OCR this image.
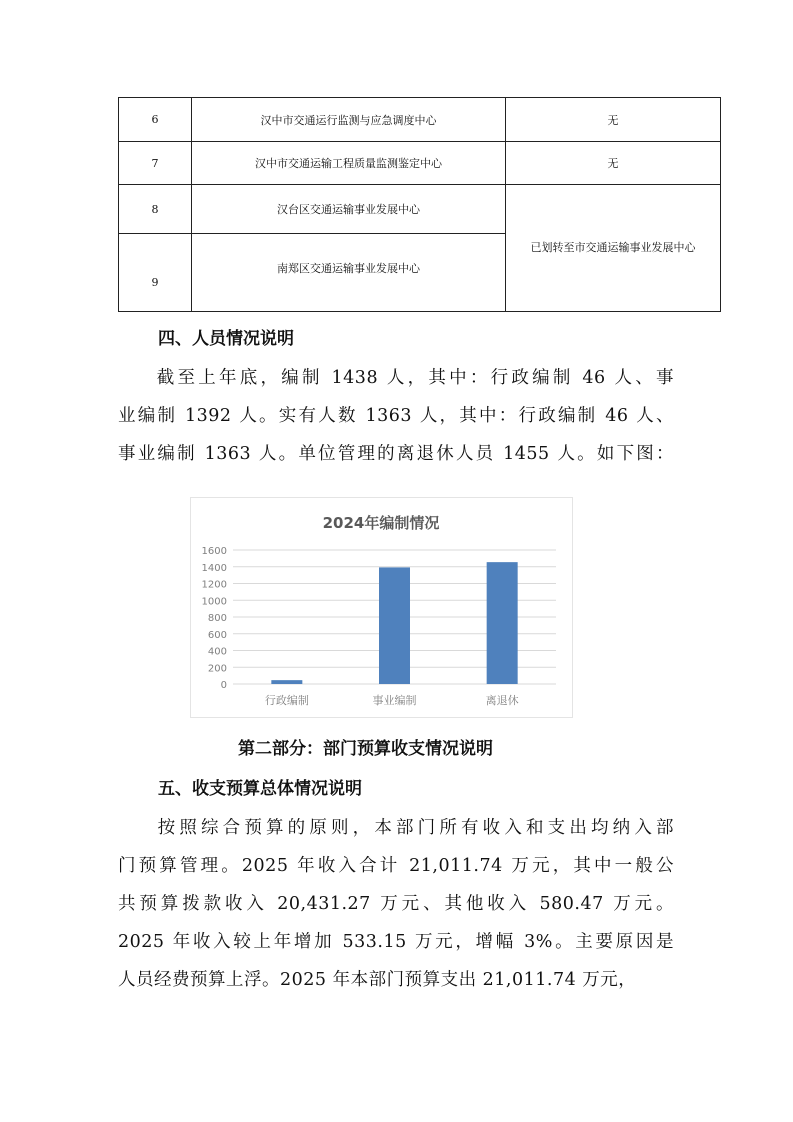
6	汉中市交通运行监测与应急调度中心	无
7	汉中市交通运输工程质量监测鉴定中心	无
8	汉台区交通运输事业发展中心	已划转至市交通运输事业发展中心
9	南郑区交通运输事业发展中心	
四、人员情况说明
截至上年底，编制 1438 人，其中：行政编制 46 人、事
业编制 1392 人。实有人数 1363 人，其中：行政编制 46 人、
事业编制 1363 人。单位管理的离退休人员 1455 人。如下图：
2024年编制情况
0
200
400
600
800
1000
1200
1400
1600
行政编制	事业编制	离退休
第二部分：部门预算收支情况说明
五、收支预算总体情况说明
按照综合预算的原则，本部门所有收入和支出均纳入部
门预算管理。2025 年收入合计 21,011.74 万元，其中一般公
共预算拨款收入 20,431.27 万元、其他收入 580.47 万元。
2025 年收入较上年增加 533.15 万元，增幅 3%。主要原因是
人员经费预算上浮。2025 年本部门预算支出 21,011.74 万元，
